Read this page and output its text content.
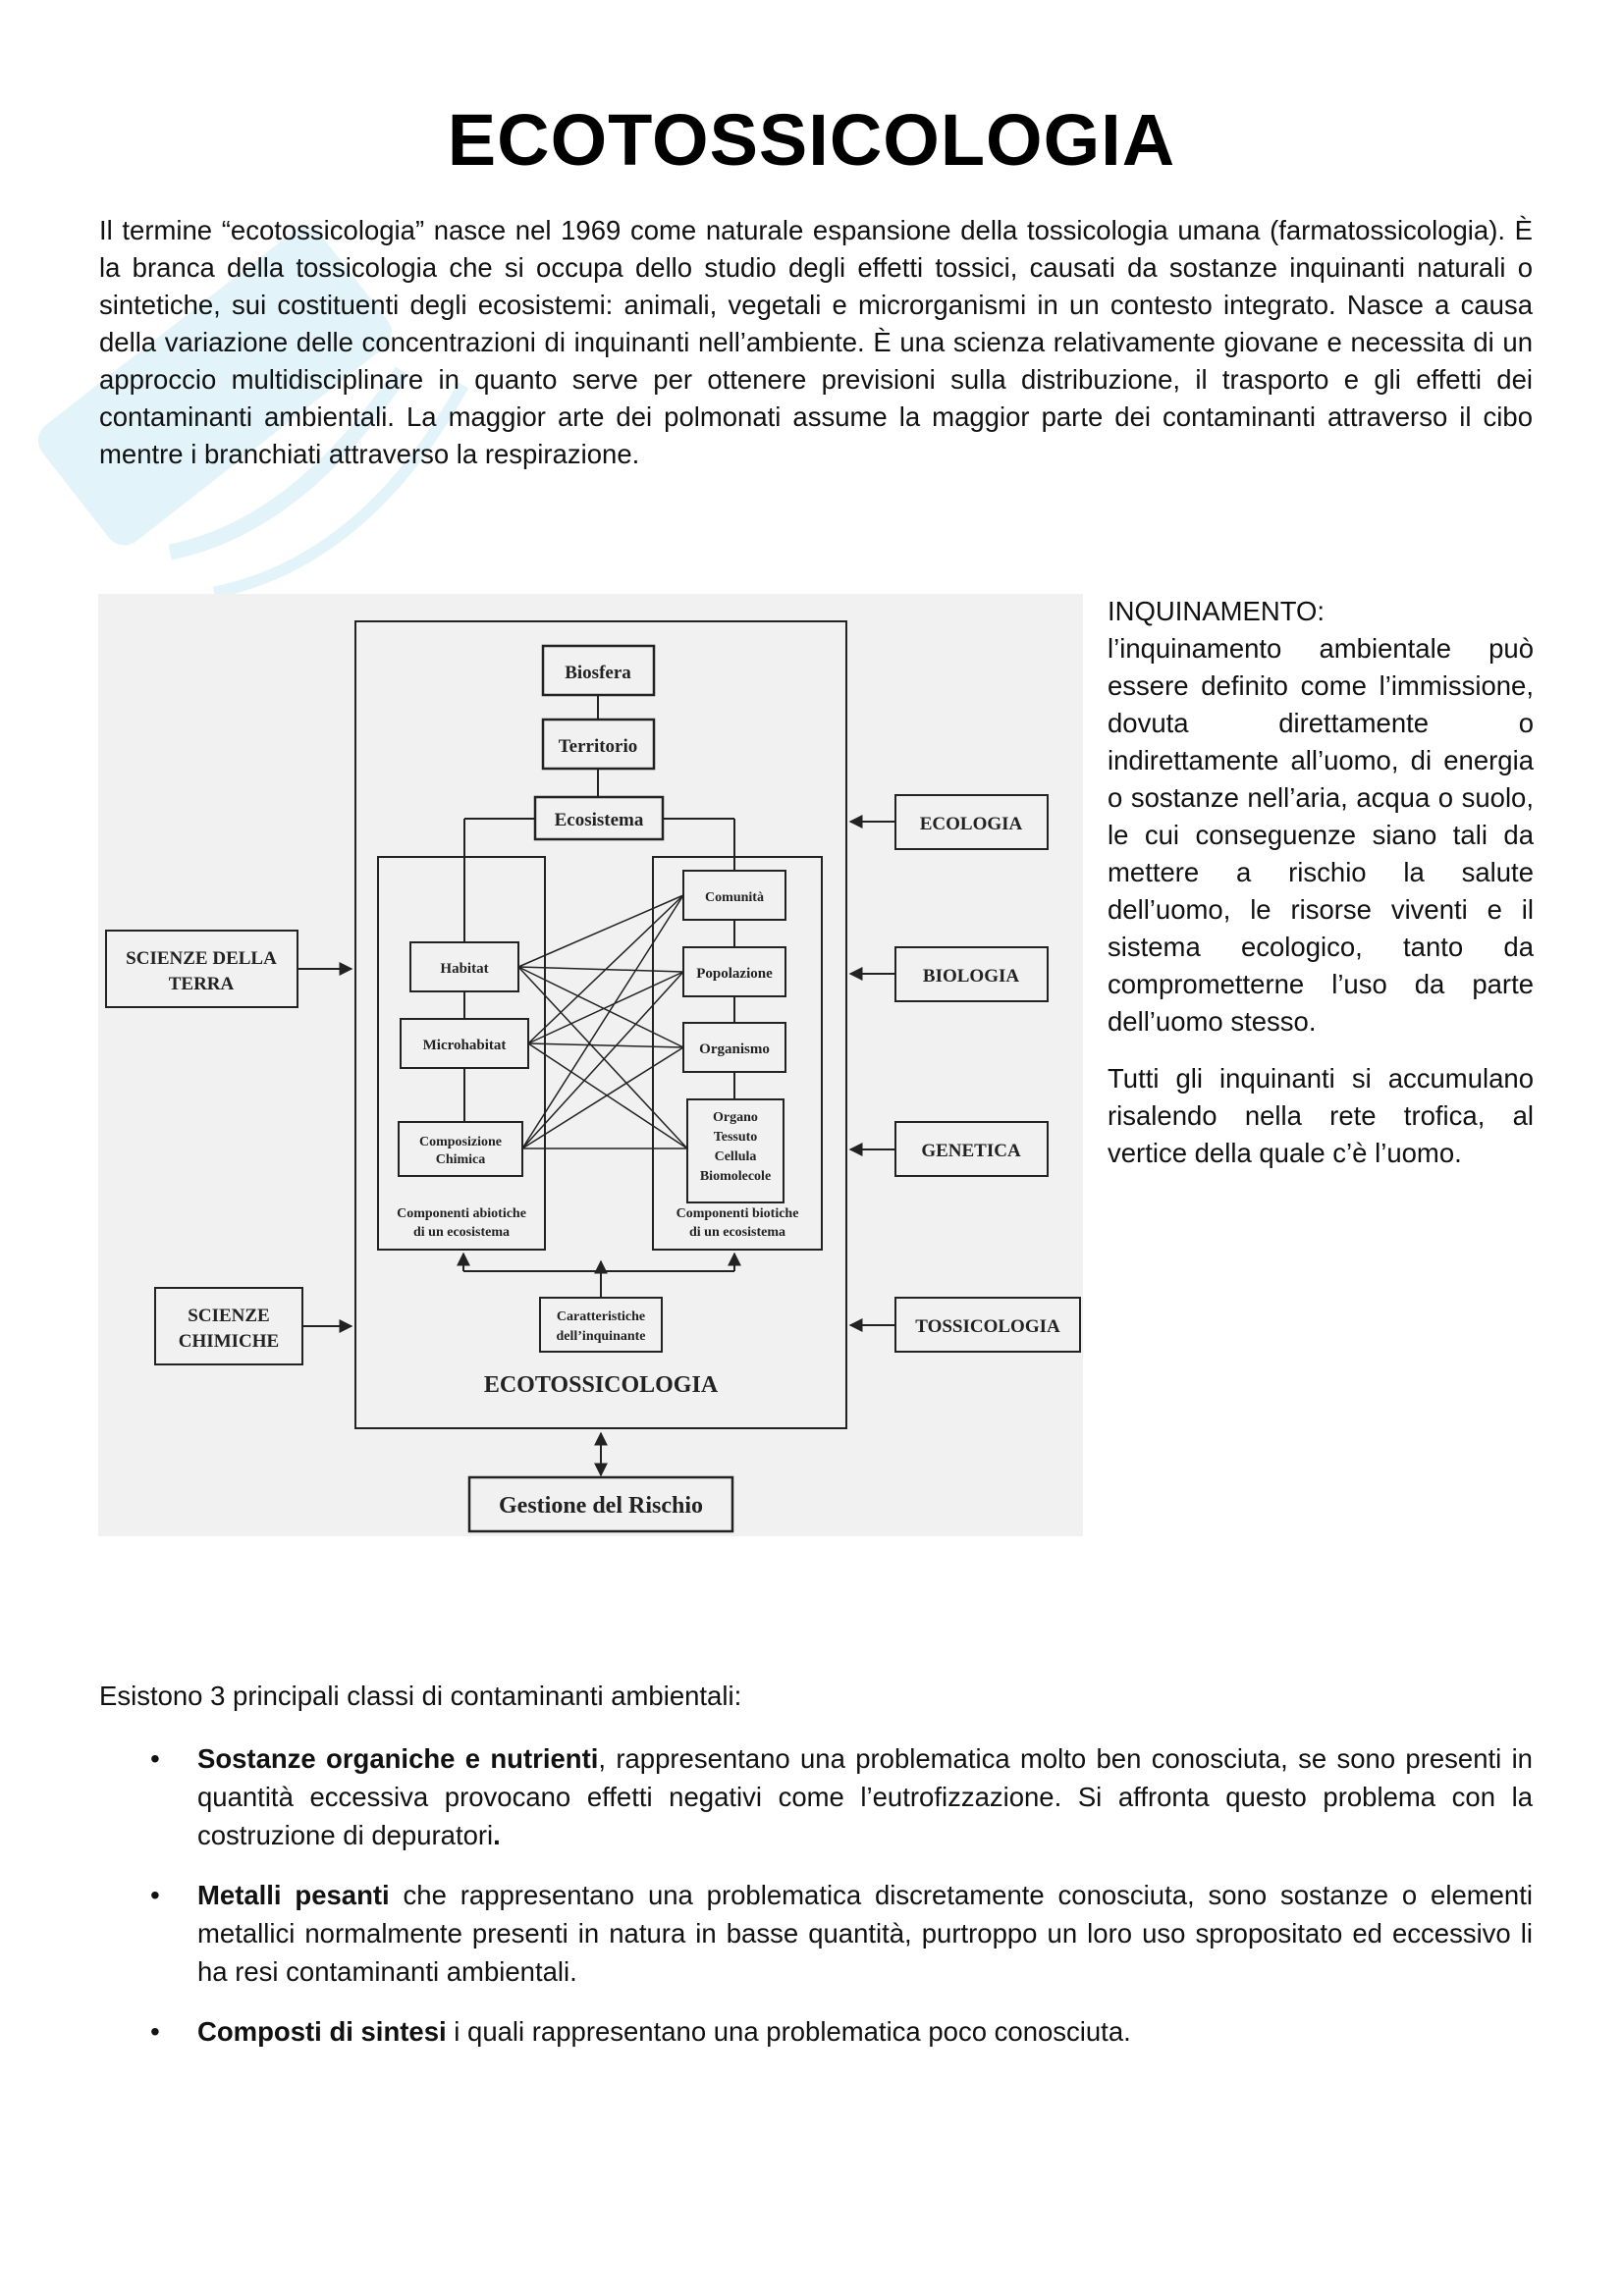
ECOTOSSICOLOGIA

Il termine “ecotossicologia” nasce nel 1969 come naturale espansione della tossicologia umana (farmatossicologia). È la branca della tossicologia che si occupa dello studio degli effetti tossici, causati da sostanze inquinanti naturali o sintetiche, sui costituenti degli ecosistemi: animali, vegetali e microrganismi in un contesto integrato. Nasce a causa della variazione delle concentrazioni di inquinanti nell’ambiente. È una scienza relativamente giovane e necessita di un approccio multidisciplinare in quanto serve per ottenere previsioni sulla distribuzione, il trasporto e gli effetti dei contaminanti ambientali. La maggior arte dei polmonati assume la maggior parte dei contaminanti attraverso il cibo mentre i branchiati attraverso la respirazione.

Biosfera
Territorio
Ecosistema	ECOLOGIA
BIOLOGIA
GENETICA
TOSSICOLOGIA
SCIENZE DELLA
TERRA
SCIENZE
CHIMICHE
Habitat
Microhabitat
Composizione
Chimica
Comunità
Popolazione
Organismo
Organo
Tessuto
Cellula
Biomolecole
Componenti abiotiche
di un ecosistema
Componenti biotiche
di un ecosistema
Caratteristiche
dell’inquinante
ECOTOSSICOLOGIA
Gestione del Rischio

INQUINAMENTO:

l’inquinamento ambientale può essere definito come l’immissione, dovuta direttamente o indirettamente all’uomo, di energia o sostanze nell’aria, acqua o suolo, le cui conseguenze siano tali da mettere a rischio la salute dell’uomo, le risorse viventi e il sistema ecologico, tanto da comprometterne l’uso da parte dell’uomo stesso.

Tutti gli inquinanti si accumulano risalendo nella rete trofica, al vertice della quale c’è l’uomo.

Esistono 3 principali classi di contaminanti ambientali:

• Sostanze organiche e nutrienti, rappresentano una problematica molto ben conosciuta, se sono presenti in quantità eccessiva provocano effetti negativi come l’eutrofizzazione. Si affronta questo problema con la costruzione di depuratori.
• Metalli pesanti che rappresentano una problematica discretamente conosciuta, sono sostanze o elementi metallici normalmente presenti in natura in basse quantità, purtroppo un loro uso spropositato ed eccessivo li ha resi contaminanti ambientali.
• Composti di sintesi i quali rappresentano una problematica poco conosciuta.
